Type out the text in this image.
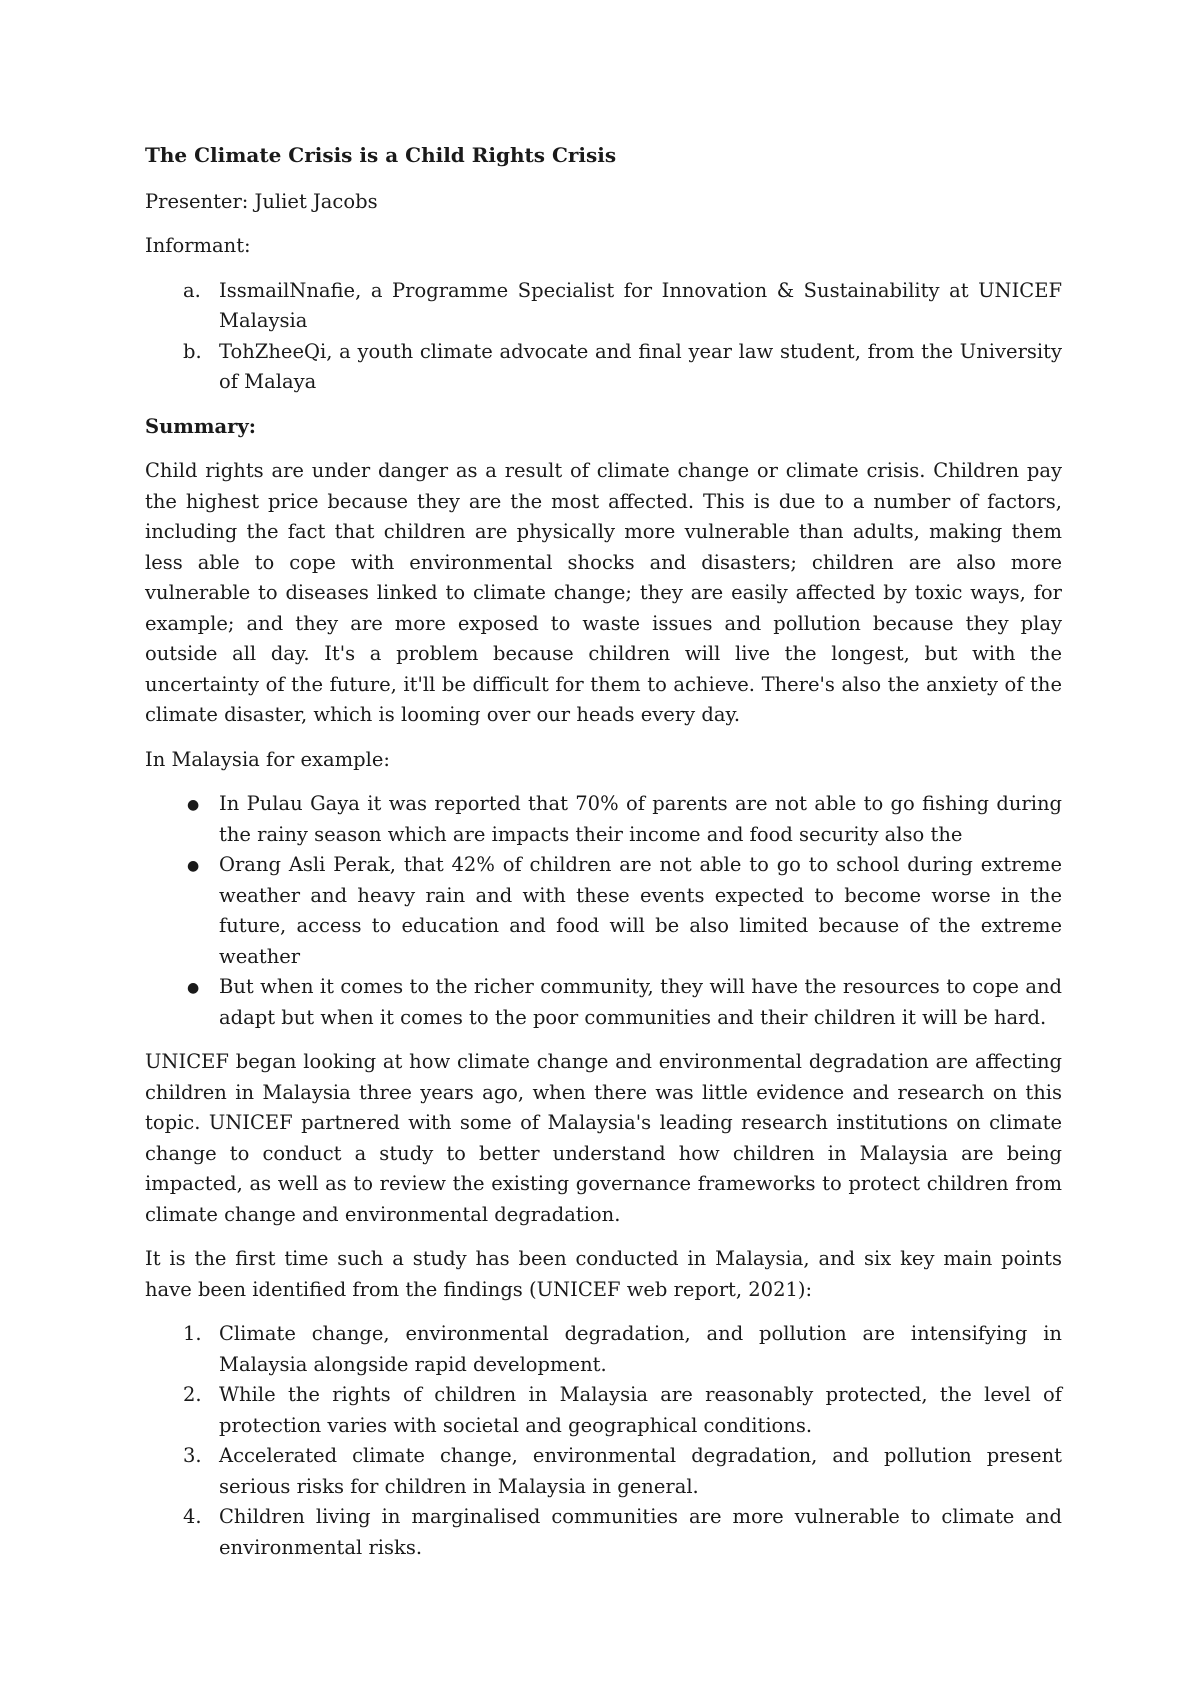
The Climate Crisis is a Child Rights Crisis

Presenter: Juliet Jacobs

Informant:

a. IssmailNnafie, a Programme Specialist for Innovation & Sustainability at UNICEF Malaysia
b. TohZheeQi, a youth climate advocate and final year law student, from the University of Malaya

Summary:

Child rights are under danger as a result of climate change or climate crisis. Children pay the highest price because they are the most affected. This is due to a number of factors, including the fact that children are physically more vulnerable than adults, making them less able to cope with environmental shocks and disasters; children are also more vulnerable to diseases linked to climate change; they are easily affected by toxic ways, for example; and they are more exposed to waste issues and pollution because they play outside all day. It's a problem because children will live the longest, but with the uncertainty of the future, it'll be difficult for them to achieve. There's also the anxiety of the climate disaster, which is looming over our heads every day.

In Malaysia for example:

● In Pulau Gaya it was reported that 70% of parents are not able to go fishing during the rainy season which are impacts their income and food security also the
● Orang Asli Perak, that 42% of children are not able to go to school during extreme weather and heavy rain and with these events expected to become worse in the future, access to education and food will be also limited because of the extreme weather
● But when it comes to the richer community, they will have the resources to cope and adapt but when it comes to the poor communities and their children it will be hard.

UNICEF began looking at how climate change and environmental degradation are affecting children in Malaysia three years ago, when there was little evidence and research on this topic. UNICEF partnered with some of Malaysia's leading research institutions on climate change to conduct a study to better understand how children in Malaysia are being impacted, as well as to review the existing governance frameworks to protect children from climate change and environmental degradation.

It is the first time such a study has been conducted in Malaysia, and six key main points have been identified from the findings (UNICEF web report, 2021):

1. Climate change, environmental degradation, and pollution are intensifying in Malaysia alongside rapid development.
2. While the rights of children in Malaysia are reasonably protected, the level of protection varies with societal and geographical conditions.
3. Accelerated climate change, environmental degradation, and pollution present serious risks for children in Malaysia in general.
4. Children living in marginalised communities are more vulnerable to climate and environmental risks.
